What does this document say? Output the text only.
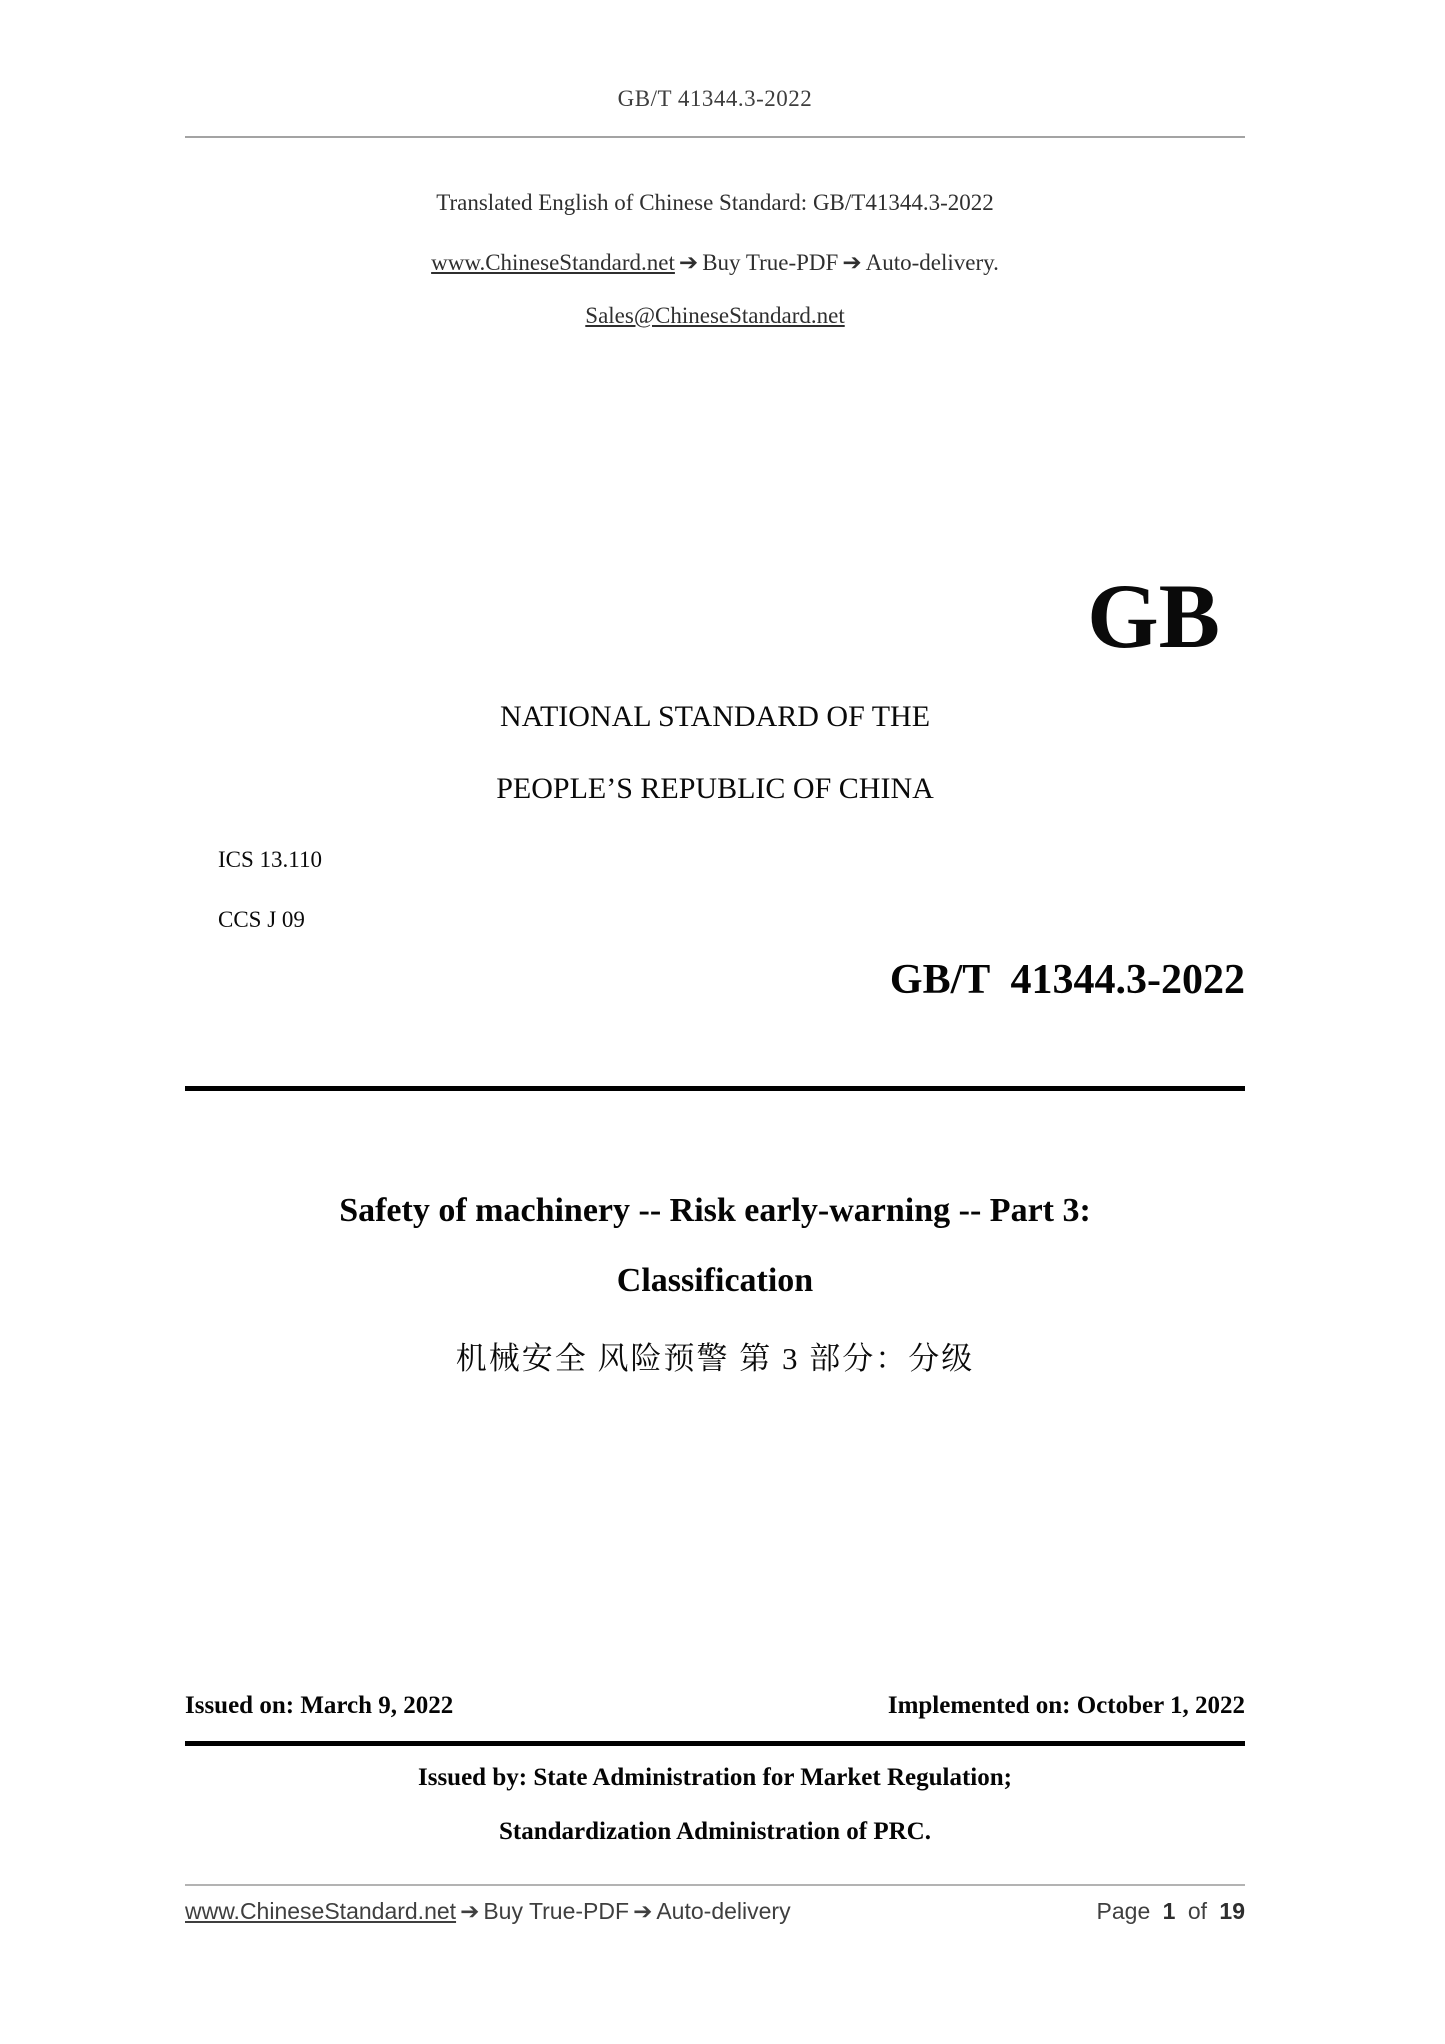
GB/T 41344.3-2022
Translated English of Chinese Standard: GB/T41344.3-2022
www.ChineseStandard.net ➔ Buy True-PDF ➔ Auto-delivery.
Sales@ChineseStandard.net
GB
NATIONAL STANDARD OF THE
PEOPLE’S REPUBLIC OF CHINA
ICS 13.110
CCS J 09
GB/T  41344.3-2022
Safety of machinery -- Risk early-warning -- Part 3:
Classification
机械安全 风险预警 第 3 部分：分级
Issued on: March 9, 2022	Implemented on: October 1, 2022
Issued by: State Administration for Market Regulation;
Standardization Administration of PRC.
www.ChineseStandard.net ➔ Buy True-PDF ➔ Auto-delivery	Page 1 of 19
